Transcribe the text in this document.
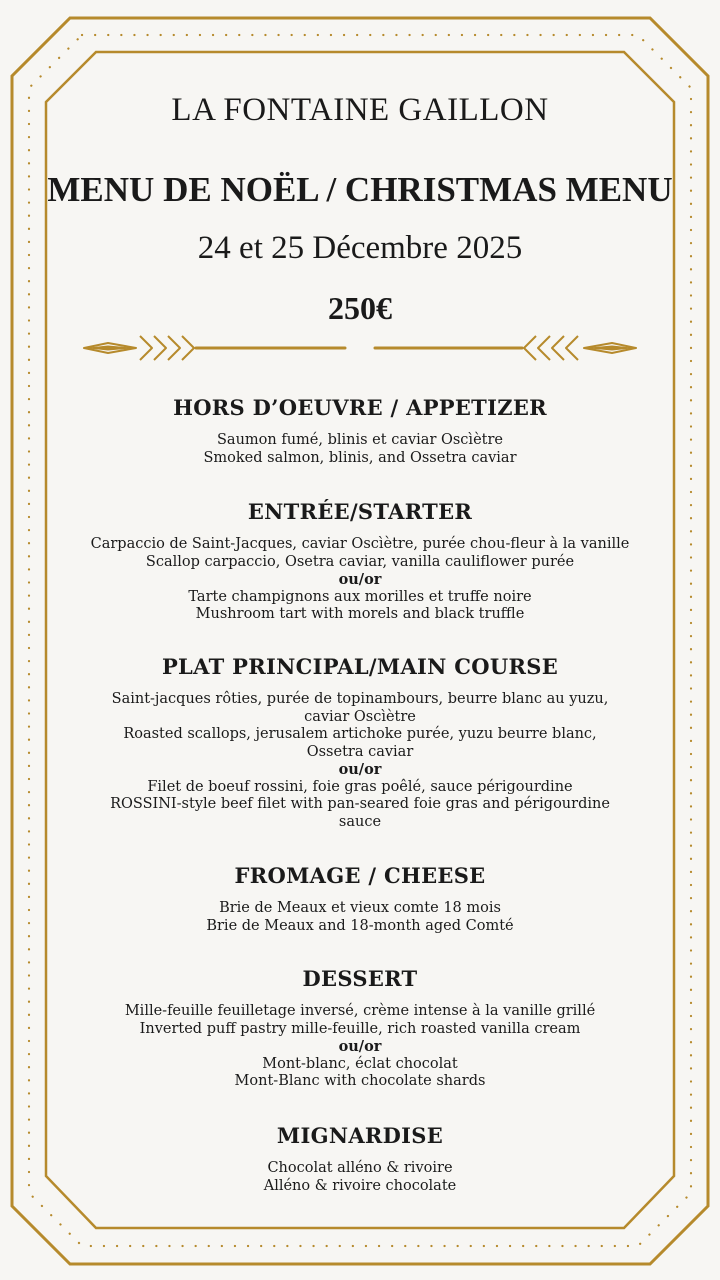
LA FONTAINE GAILLON
MENU DE NOËL / CHRISTMAS MENU
24 et 25 Décembre 2025
250€
HORS D’OEUVRE / APPETIZER
Saumon fumé, blinis et caviar Oscìètre
Smoked salmon, blinis, and Ossetra caviar
ENTRÉE/STARTER
Carpaccio de Saint-Jacques, caviar Oscìètre, purée chou-fleur à la vanille
Scallop carpaccio, Osetra caviar, vanilla cauliflower purée
ou/or
Tarte champignons aux morilles et truffe noire
Mushroom tart with morels and black truffle
PLAT PRINCIPAL/MAIN COURSE
Saint-jacques rôties, purée de topinambours, beurre blanc au yuzu,
caviar Oscìètre
Roasted scallops, jerusalem artichoke purée, yuzu beurre blanc,
Ossetra caviar
ou/or
Filet de boeuf rossini, foie gras poêlé, sauce périgourdine
ROSSINI-style beef filet with pan-seared foie gras and périgourdine
sauce
FROMAGE / CHEESE
Brie de Meaux et vieux comte 18 mois
Brie de Meaux and 18-month aged Comté
DESSERT
Mille-feuille feuilletage inversé, crème intense à la vanille grillé
Inverted puff pastry mille-feuille, rich roasted vanilla cream
ou/or
Mont-blanc, éclat chocolat
Mont-Blanc with chocolate shards
MIGNARDISE
Chocolat alléno & rivoire
Alléno & rivoire chocolate
